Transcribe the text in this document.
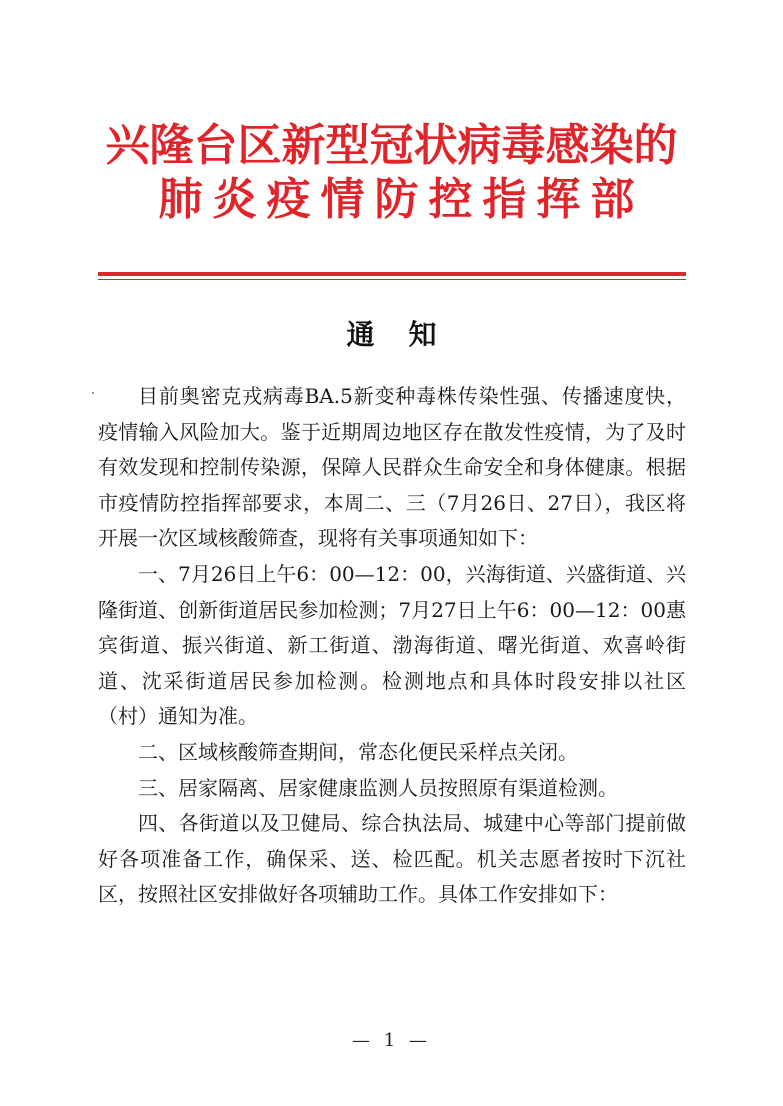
兴隆台区新型冠状病毒感染的
肺炎疫情防控指挥部
通知

目前奥密克戎病毒BA.5新变种毒株传染性强、传播速度快，疫情输入风险加大。鉴于近期周边地区存在散发性疫情，为了及时有效发现和控制传染源，保障人民群众生命安全和身体健康。根据市疫情防控指挥部要求，本周二、三（7月26日、27日），我区将开展一次区域核酸筛查，现将有关事项通知如下：

一、7月26日上午6：00—12：00，兴海街道、兴盛街道、兴隆街道、创新街道居民参加检测；7月27日上午6：00—12：00惠宾街道、振兴街道、新工街道、渤海街道、曙光街道、欢喜岭街道、沈采街道居民参加检测。检测地点和具体时段安排以社区（村）通知为准。

二、区域核酸筛查期间，常态化便民采样点关闭。

三、居家隔离、居家健康监测人员按照原有渠道检测。

四、各街道以及卫健局、综合执法局、城建中心等部门提前做好各项准备工作，确保采、送、检匹配。机关志愿者按时下沉社区，按照社区安排做好各项辅助工作。具体工作安排如下：

— 1 —
